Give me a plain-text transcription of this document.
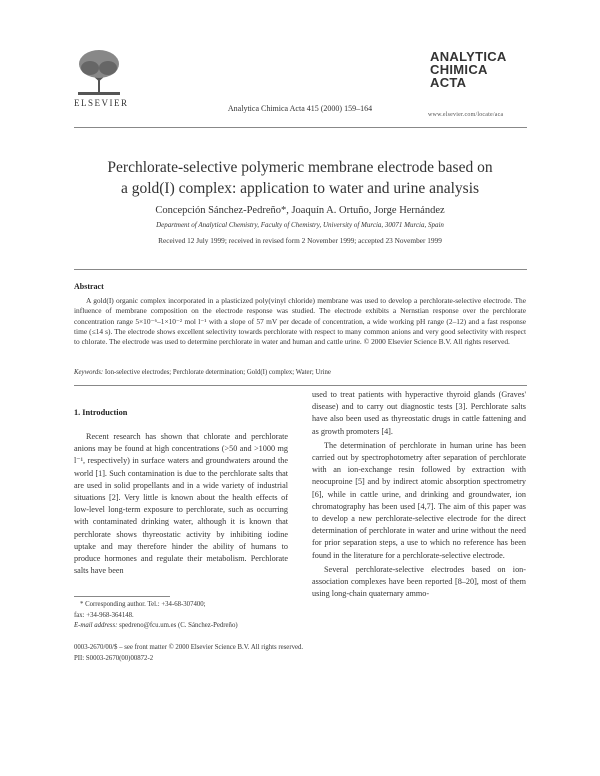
ELSEVIER
Analytica Chimica Acta 415 (2000) 159–164
ANALYTICA
CHIMICA
ACTA
www.elsevier.com/locate/aca
Perchlorate-selective polymeric membrane electrode based on
a gold(I) complex: application to water and urine analysis
Concepción Sánchez-Pedreño*, Joaquín A. Ortuño, Jorge Hernández
Department of Analytical Chemistry, Faculty of Chemistry, University of Murcia, 30071 Murcia, Spain
Received 12 July 1999; received in revised form 2 November 1999; accepted 23 November 1999
Abstract
A gold(I) organic complex incorporated in a plasticized poly(vinyl chloride) membrane was used to develop a perchlorate-selective electrode. The influence of membrane composition on the electrode response was studied. The electrode exhibits a Nernstian response over the perchlorate concentration range 5×10⁻⁶–1×10⁻² mol l⁻¹ with a slope of 57 mV per decade of concentration, a wide working pH range (2–12) and a fast response time (≤14 s). The electrode shows excellent selectivity towards perchlorate with respect to many common anions and very good selectivity with respect to chlorate. The electrode was used to determine perchlorate in water and human and cattle urine. © 2000 Elsevier Science B.V. All rights reserved.
Keywords: Ion-selective electrodes; Perchlorate determination; Gold(I) complex; Water; Urine
1. Introduction

Recent research has shown that chlorate and perchlorate anions may be found at high concentrations (>50 and >1000 mg l⁻¹, respectively) in surface waters and groundwaters around the world [1]. Such contamination is due to the perchlorate salts that are used in solid propellants and in a wide variety of industrial situations [2]. Very little is known about the health effects of low-level long-term exposure to perchlorate, such as occurring with contaminated drinking water, although it is known that perchlorate shows thyreostatic activity by inhibiting iodine uptake and may therefore hinder the ability of humans to produce hormones and regulate their metabolism. Perchlorate salts have been

used to treat patients with hyperactive thyroid glands (Graves' disease) and to carry out diagnostic tests [3]. Perchlorate salts have also been used as thyreostatic drugs in cattle fattening and as growth promoters [4].

The determination of perchlorate in human urine has been carried out by spectrophotometry after separation of perchlorate with an ion-exchange resin followed by extraction with neocuproine [5] and by indirect atomic absorption spectrometry [6], while in cattle urine, and drinking and groundwater, ion chromatography has been used [4,7]. The aim of this paper was to develop a new perchlorate-selective electrode for the direct determination of perchlorate in water and urine without the need for prior separation steps, a use to which no reference has been found in the literature for a perchlorate-selective electrode.

Several perchlorate-selective electrodes based on ion-association complexes have been reported [8–20], most of them using long-chain quaternary ammo-

* Corresponding author. Tel.: +34-68-307400;
fax: +34-968-364148.
E-mail address: spedreno@fcu.um.es (C. Sánchez-Pedreño)
0003-2670/00/$ – see front matter © 2000 Elsevier Science B.V. All rights reserved.
PII: S0003-2670(00)00872-2
